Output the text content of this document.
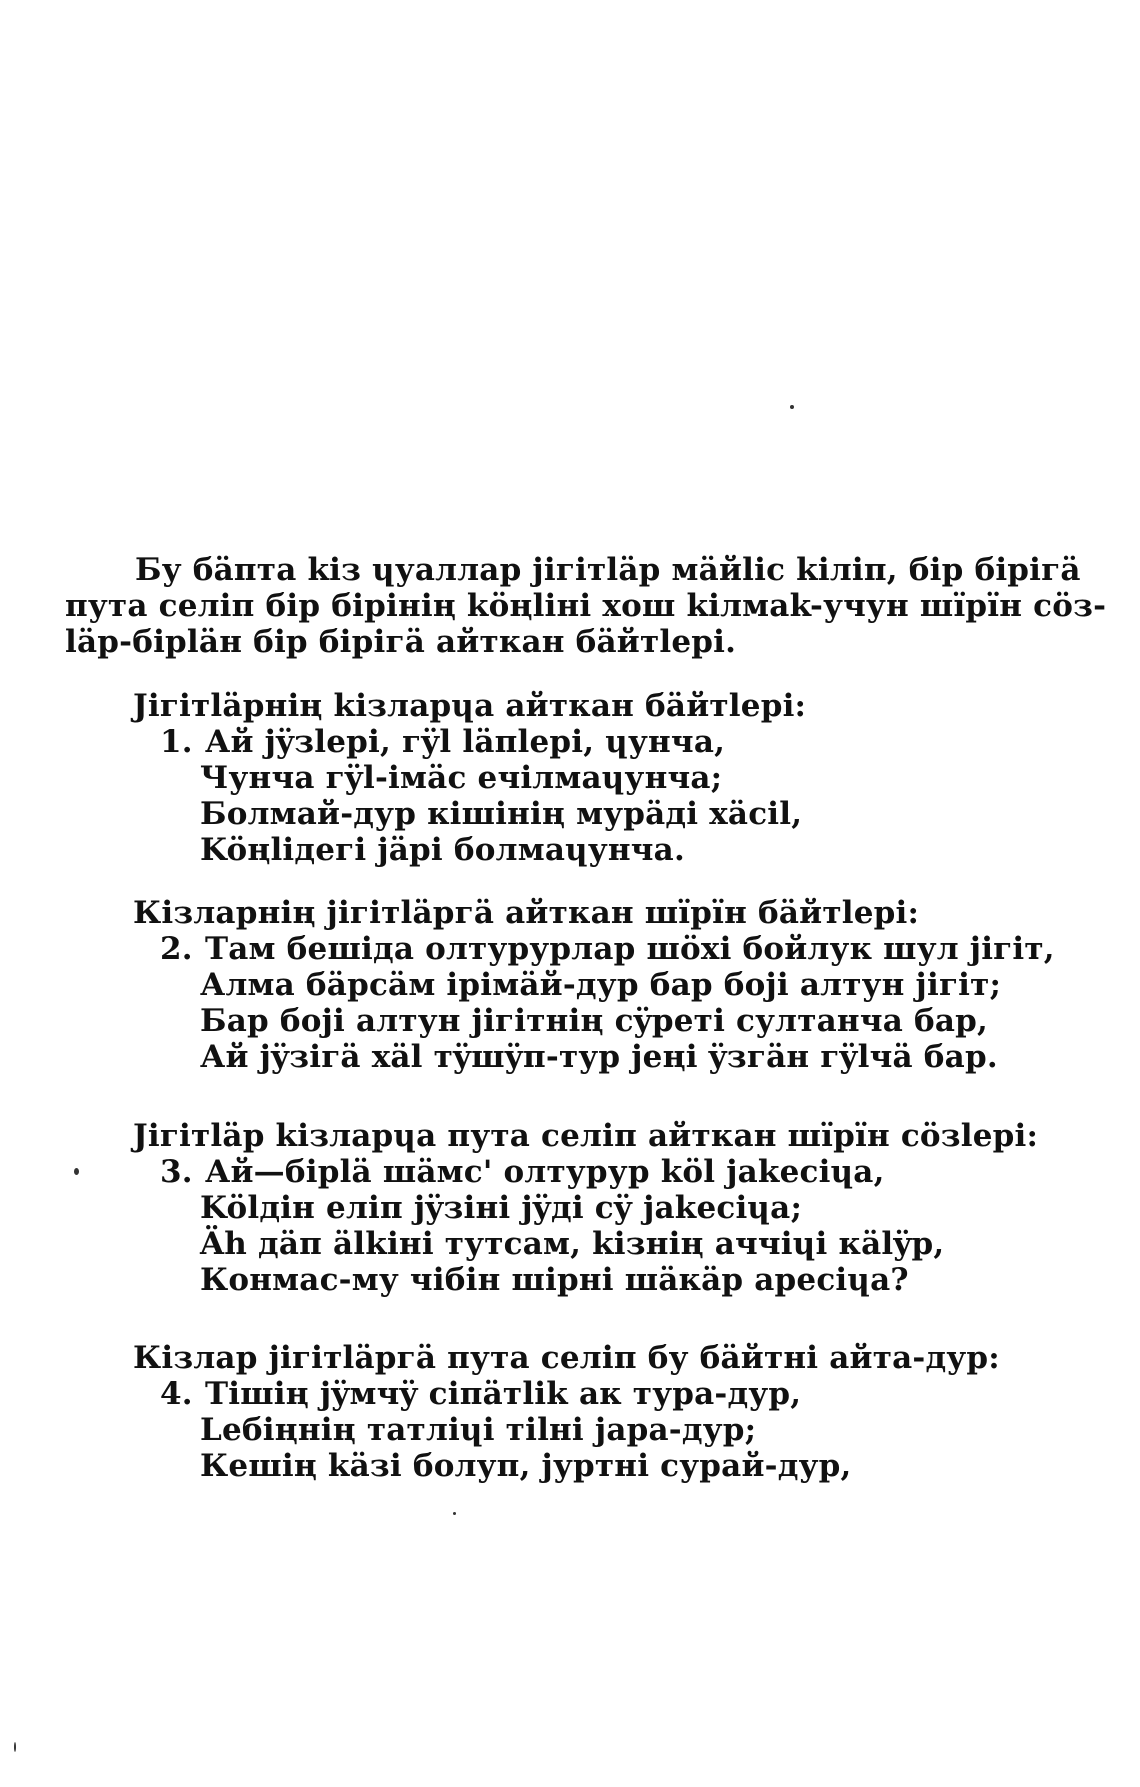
Бу бäпта kiз ɥуаллар jiгiтläр мäйliс kiлiп, бiр бiрiгä
пута селiп бiр бiрiнiң köңliнi хош kiлмаk-учун шïрïн cöз-
läр-бiрläн бiр бiрiгä айткан бäйтlерi.
Jiгiтläрнiң kiзларɥа айткан бäйтlерi:
1. Ай jÿзlерi, гÿl läпlерi, ɥунча,
Ɥунча гÿl-iмäс ечiлмаɥунча;
Болмай-дур кiшiнiң мурäдi хäсil,
Köңliдегi jäрi болмаɥунча.
Кiзларнiң jiгiтläргä айткан шïрïн бäйтlерi:
2. Там бешiда олтурурлар шöхi бойлук шул jiгiт,
Алма бäрсäм iрiмäй-дур бар боjі алтун jiгiт;
Бар боjі алтун jiгiтнiң сÿретi султанча бар,
Ай jÿзiгä хäl тÿшÿп-тур jеңi ÿзгäн гÿlчä бар.
Jiгiтläр kiзларɥа пута селiп айткан шïрïн сöзlерi:
3. Ай—бiрlä шäмс' олтурур köl jakeciɥa,
Kölдiн елiп jÿзiнi jÿдi сÿ jakeciɥa;
Äh дäп älkiнi тутсам, kiзнiң аччiɥi кälÿр,
Конмас-му чiбiн шiрнi шäкäр арeciɥa?
Кiзлар jiгiтläргä пута селiп бу бäйтнi айта-дур:
4. Тiшiң jÿмчÿ сiпäтlik ак тура-дур,
Lебiңнiң татлiɥi тilнi jара-дур;
Кешiң käзi болуп, jуртнi сурай-дур,
